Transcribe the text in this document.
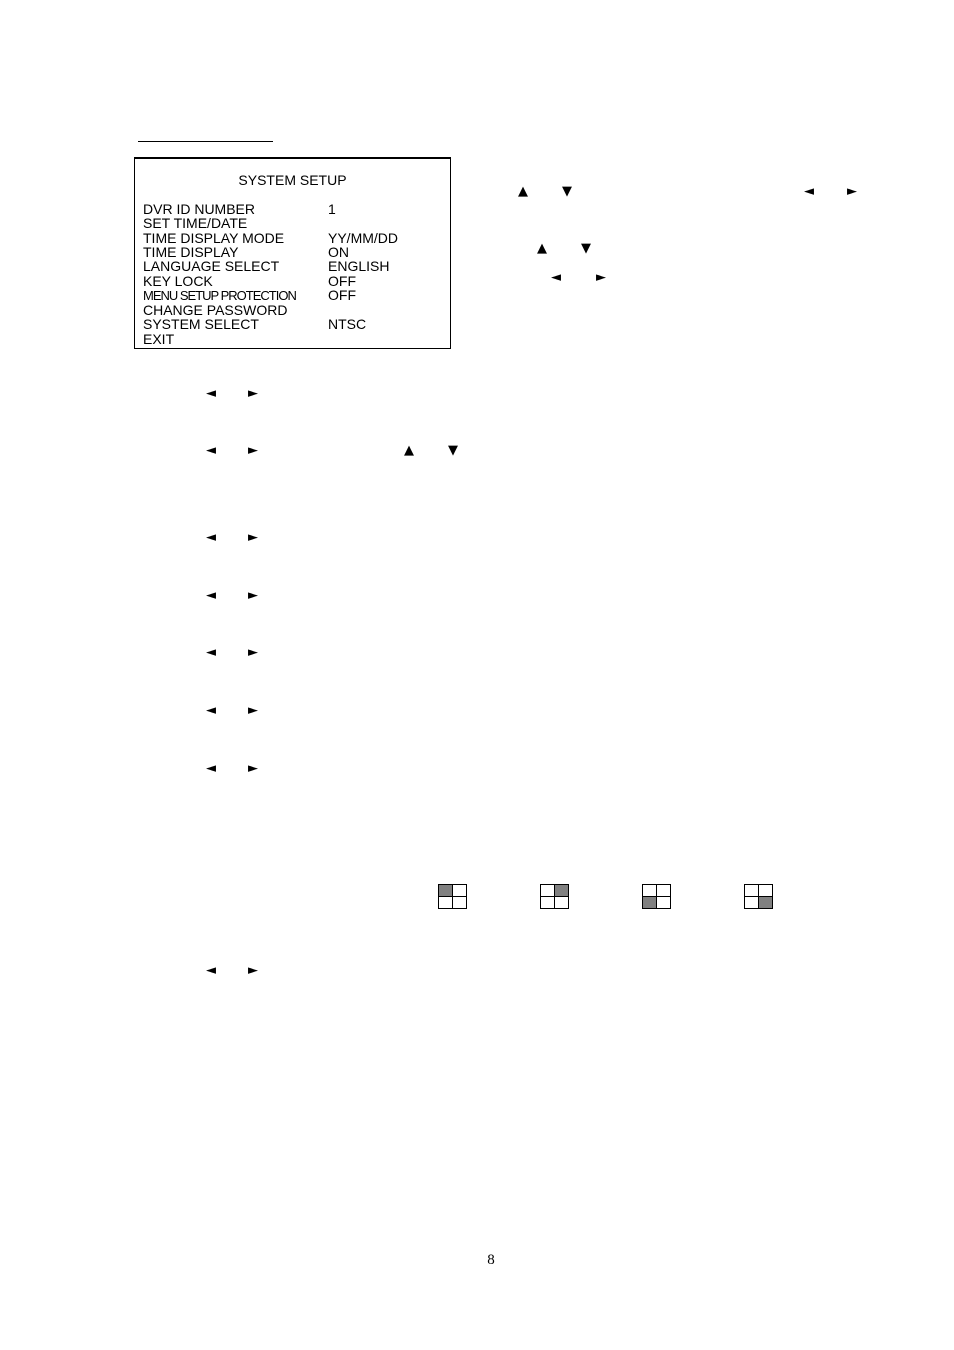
SYSTEM SETUP
DVR ID NUMBER	1
SET TIME/DATE
TIME DISPLAY MODE	YY/MM/DD
TIME DISPLAY	ON
LANGUAGE SELECT	ENGLISH
KEY LOCK	OFF
MENU SETUP PROTECTION OFF
CHANGE PASSWORD
SYSTEM SELECT	NTSC
EXIT
▲	▼	◄	►
▲	▼
◄	►
◄ ►
◄ ►	▲	▼
◄ ►
◄ ►
◄ ►
◄ ►
◄ ►
◄ ►
8
